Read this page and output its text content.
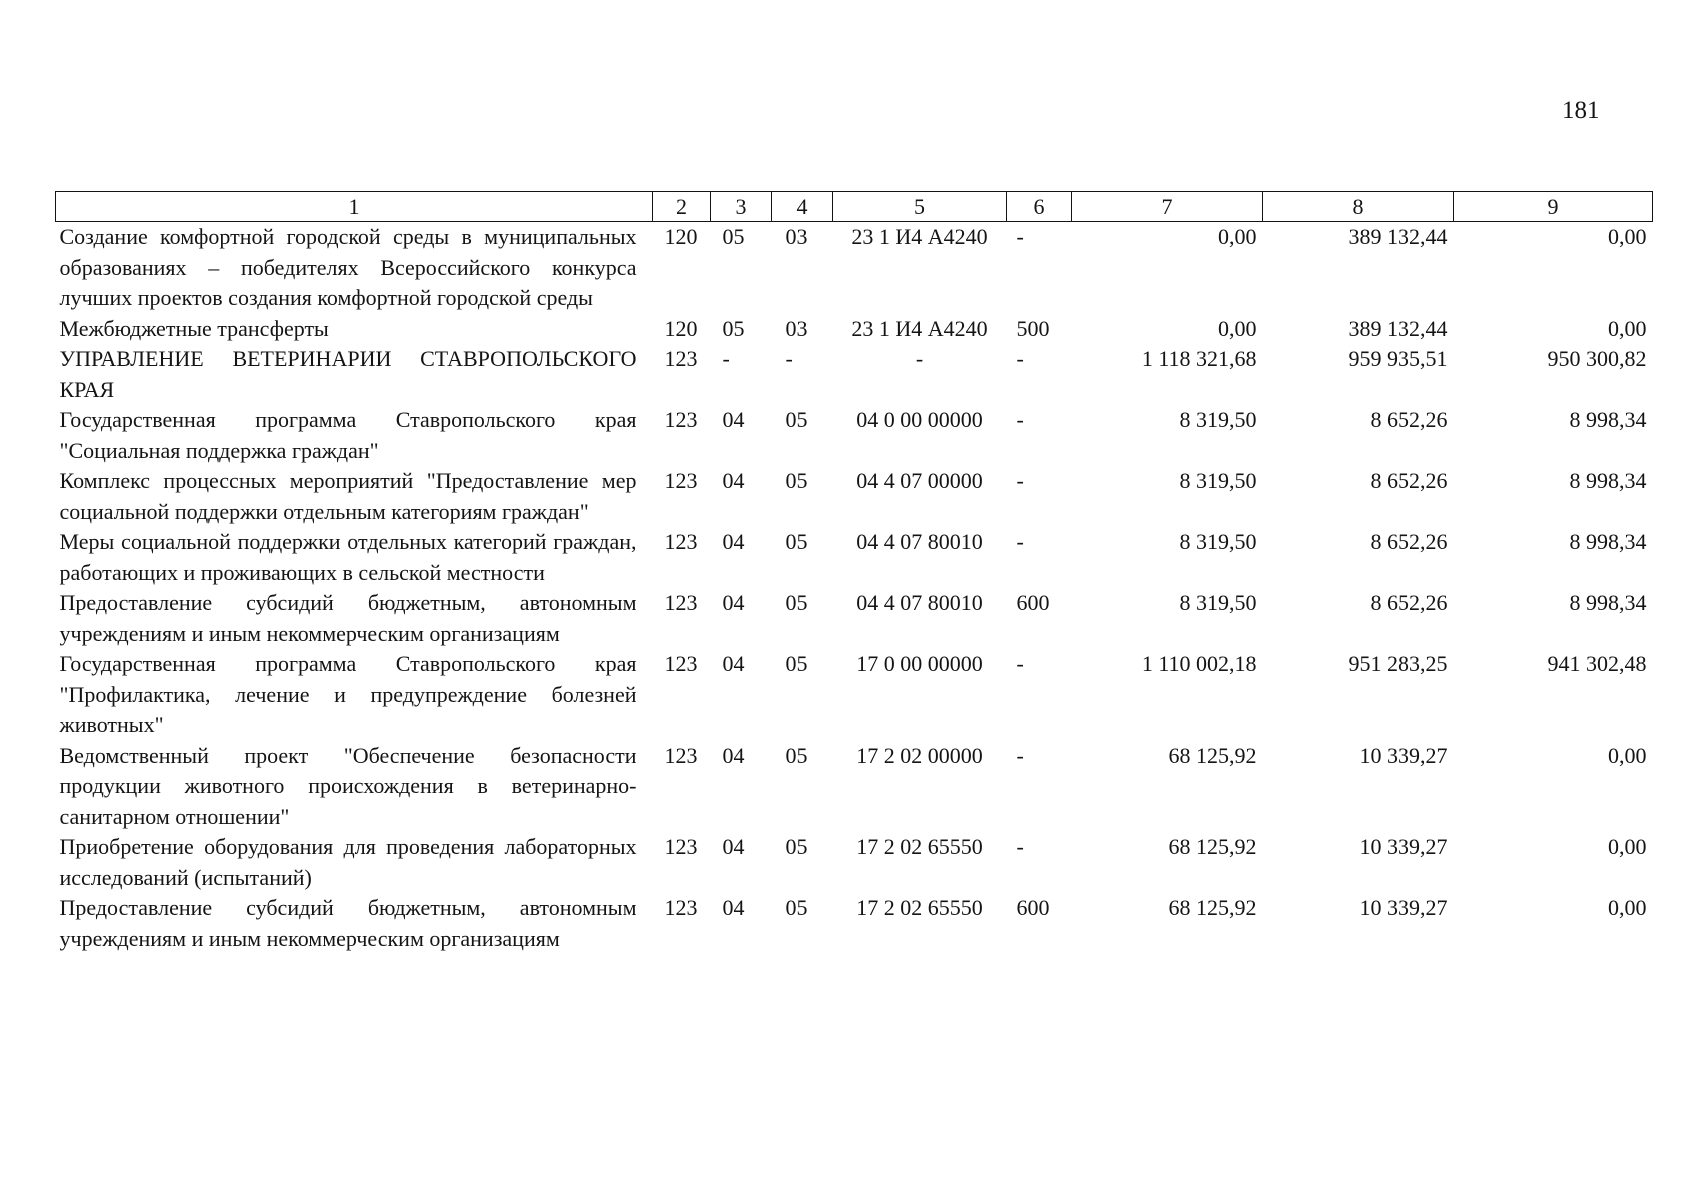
181
1	2	3	4	5	6	7	8	9
Создание комфортной городской среды в муниципальных образованиях – победителях Всероссийского конкурса лучших проектов создания комфортной городской среды	120	05	03	23 1 И4 А4240	-	0,00	389 132,44	0,00
Межбюджетные трансферты	120	05	03	23 1 И4 А4240	500	0,00	389 132,44	0,00
УПРАВЛЕНИЕ ВЕТЕРИНАРИИ СТАВРОПОЛЬСКОГО КРАЯ	123	-	-	-	-	1 118 321,68	959 935,51	950 300,82
Государственная программа Ставропольского края "Социальная поддержка граждан"	123	04	05	04 0 00 00000	-	8 319,50	8 652,26	8 998,34
Комплекс процессных мероприятий "Предоставление мер социальной поддержки отдельным категориям граждан"	123	04	05	04 4 07 00000	-	8 319,50	8 652,26	8 998,34
Меры социальной поддержки отдельных категорий граждан, работающих и проживающих в сельской местности	123	04	05	04 4 07 80010	-	8 319,50	8 652,26	8 998,34
Предоставление субсидий бюджетным, автономным учреждениям и иным некоммерческим организациям	123	04	05	04 4 07 80010	600	8 319,50	8 652,26	8 998,34
Государственная программа Ставропольского края "Профилактика, лечение и предупреждение болезней животных"	123	04	05	17 0 00 00000	-	1 110 002,18	951 283,25	941 302,48
Ведомственный проект "Обеспечение безопасности продукции животного происхождения в ветеринарно-санитарном отношении"	123	04	05	17 2 02 00000	-	68 125,92	10 339,27	0,00
Приобретение оборудования для проведения лабораторных исследований (испытаний)	123	04	05	17 2 02 65550	-	68 125,92	10 339,27	0,00
Предоставление субсидий бюджетным, автономным учреждениям и иным некоммерческим организациям	123	04	05	17 2 02 65550	600	68 125,92	10 339,27	0,00
